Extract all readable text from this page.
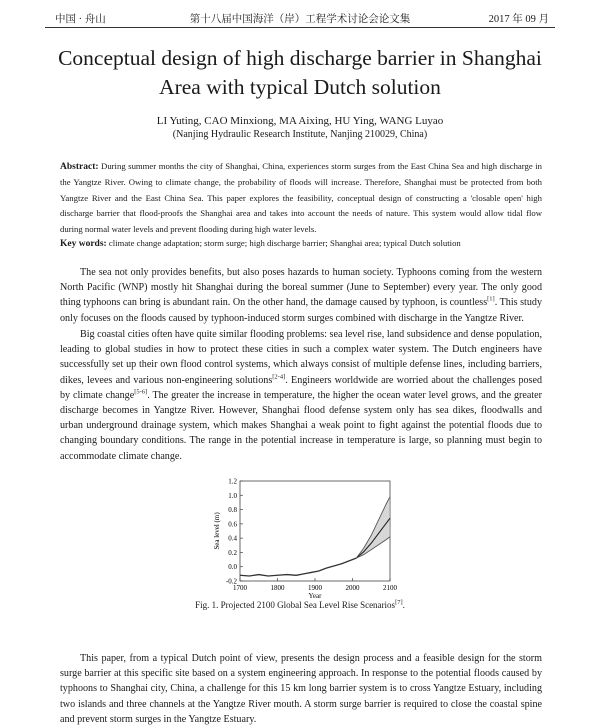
中国 · 舟山	第十八届中国海洋（岸）工程学术讨论会论文集	2017 年 09 月
Conceptual design of high discharge barrier in Shanghai Area with typical Dutch solution
LI Yuting, CAO Minxiong, MA Aixing, HU Ying, WANG Luyao
(Nanjing Hydraulic Research Institute, Nanjing 210029, China)
Abstract: During summer months the city of Shanghai, China, experiences storm surges from the East China Sea and high discharge in the Yangtze River. Owing to climate change, the probability of floods will increase. Therefore, Shanghai must be protected from both Yangtze River and the East China Sea. This paper explores the feasibility, conceptual design of constructing a 'closable open' high discharge barrier that flood-proofs the Shanghai area and takes into account the needs of nature. This system would allow tidal flow during normal water levels and prevent flooding during high water levels.
Key words: climate change adaptation; storm surge; high discharge barrier; Shanghai area; typical Dutch solution
The sea not only provides benefits, but also poses hazards to human society. Typhoons coming from the western North Pacific (WNP) mostly hit Shanghai during the boreal summer (June to September) every year. The only good thing typhoons can bring is abundant rain. On the other hand, the damage caused by typhoon, is countless[1]. This study only focuses on the floods caused by typhoon-induced storm surges combined with discharge in the Yangtze River.
Big coastal cities often have quite similar flooding problems: sea level rise, land subsidence and dense population, leading to global studies in how to protect these cities in such a complex water system. The Dutch engineers have successfully set up their own flood control systems, which always consist of multiple defense lines, including barriers, dikes, levees and various non-engineering solutions[2-4]. Engineers worldwide are worried about the challenges posed by climate change[5-6]. The greater the increase in temperature, the higher the ocean water level grows, and the greater discharge becomes in Yangtze River. However, Shanghai flood defense system only has sea dikes, floodwalls and urban underground drainage system, which makes Shanghai a weak point to fight against the potential floods due to changing boundary conditions. The range in the potential increase in temperature is large, so planning must begin to accommodate climate change.
-0.2
0.0
0.2
0.4
0.6
0.8
1.0
1.2
1700	1800	1900	2000	2100
Sea level (m)
Year
Fig. 1. Projected 2100 Global Sea Level Rise Scenarios[7].
This paper, from a typical Dutch point of view, presents the design process and a feasible design for the storm surge barrier at this specific site based on a system engineering approach. In response to the potential floods caused by typhoons to Shanghai city, China, a challenge for this 15 km long barrier system is to cross Yangtze Estuary, including two islands and three channels at the Yangtze River mouth. A storm surge barrier is required to close the coastal spine and prevent storm surges in the Yangtze Estuary.
